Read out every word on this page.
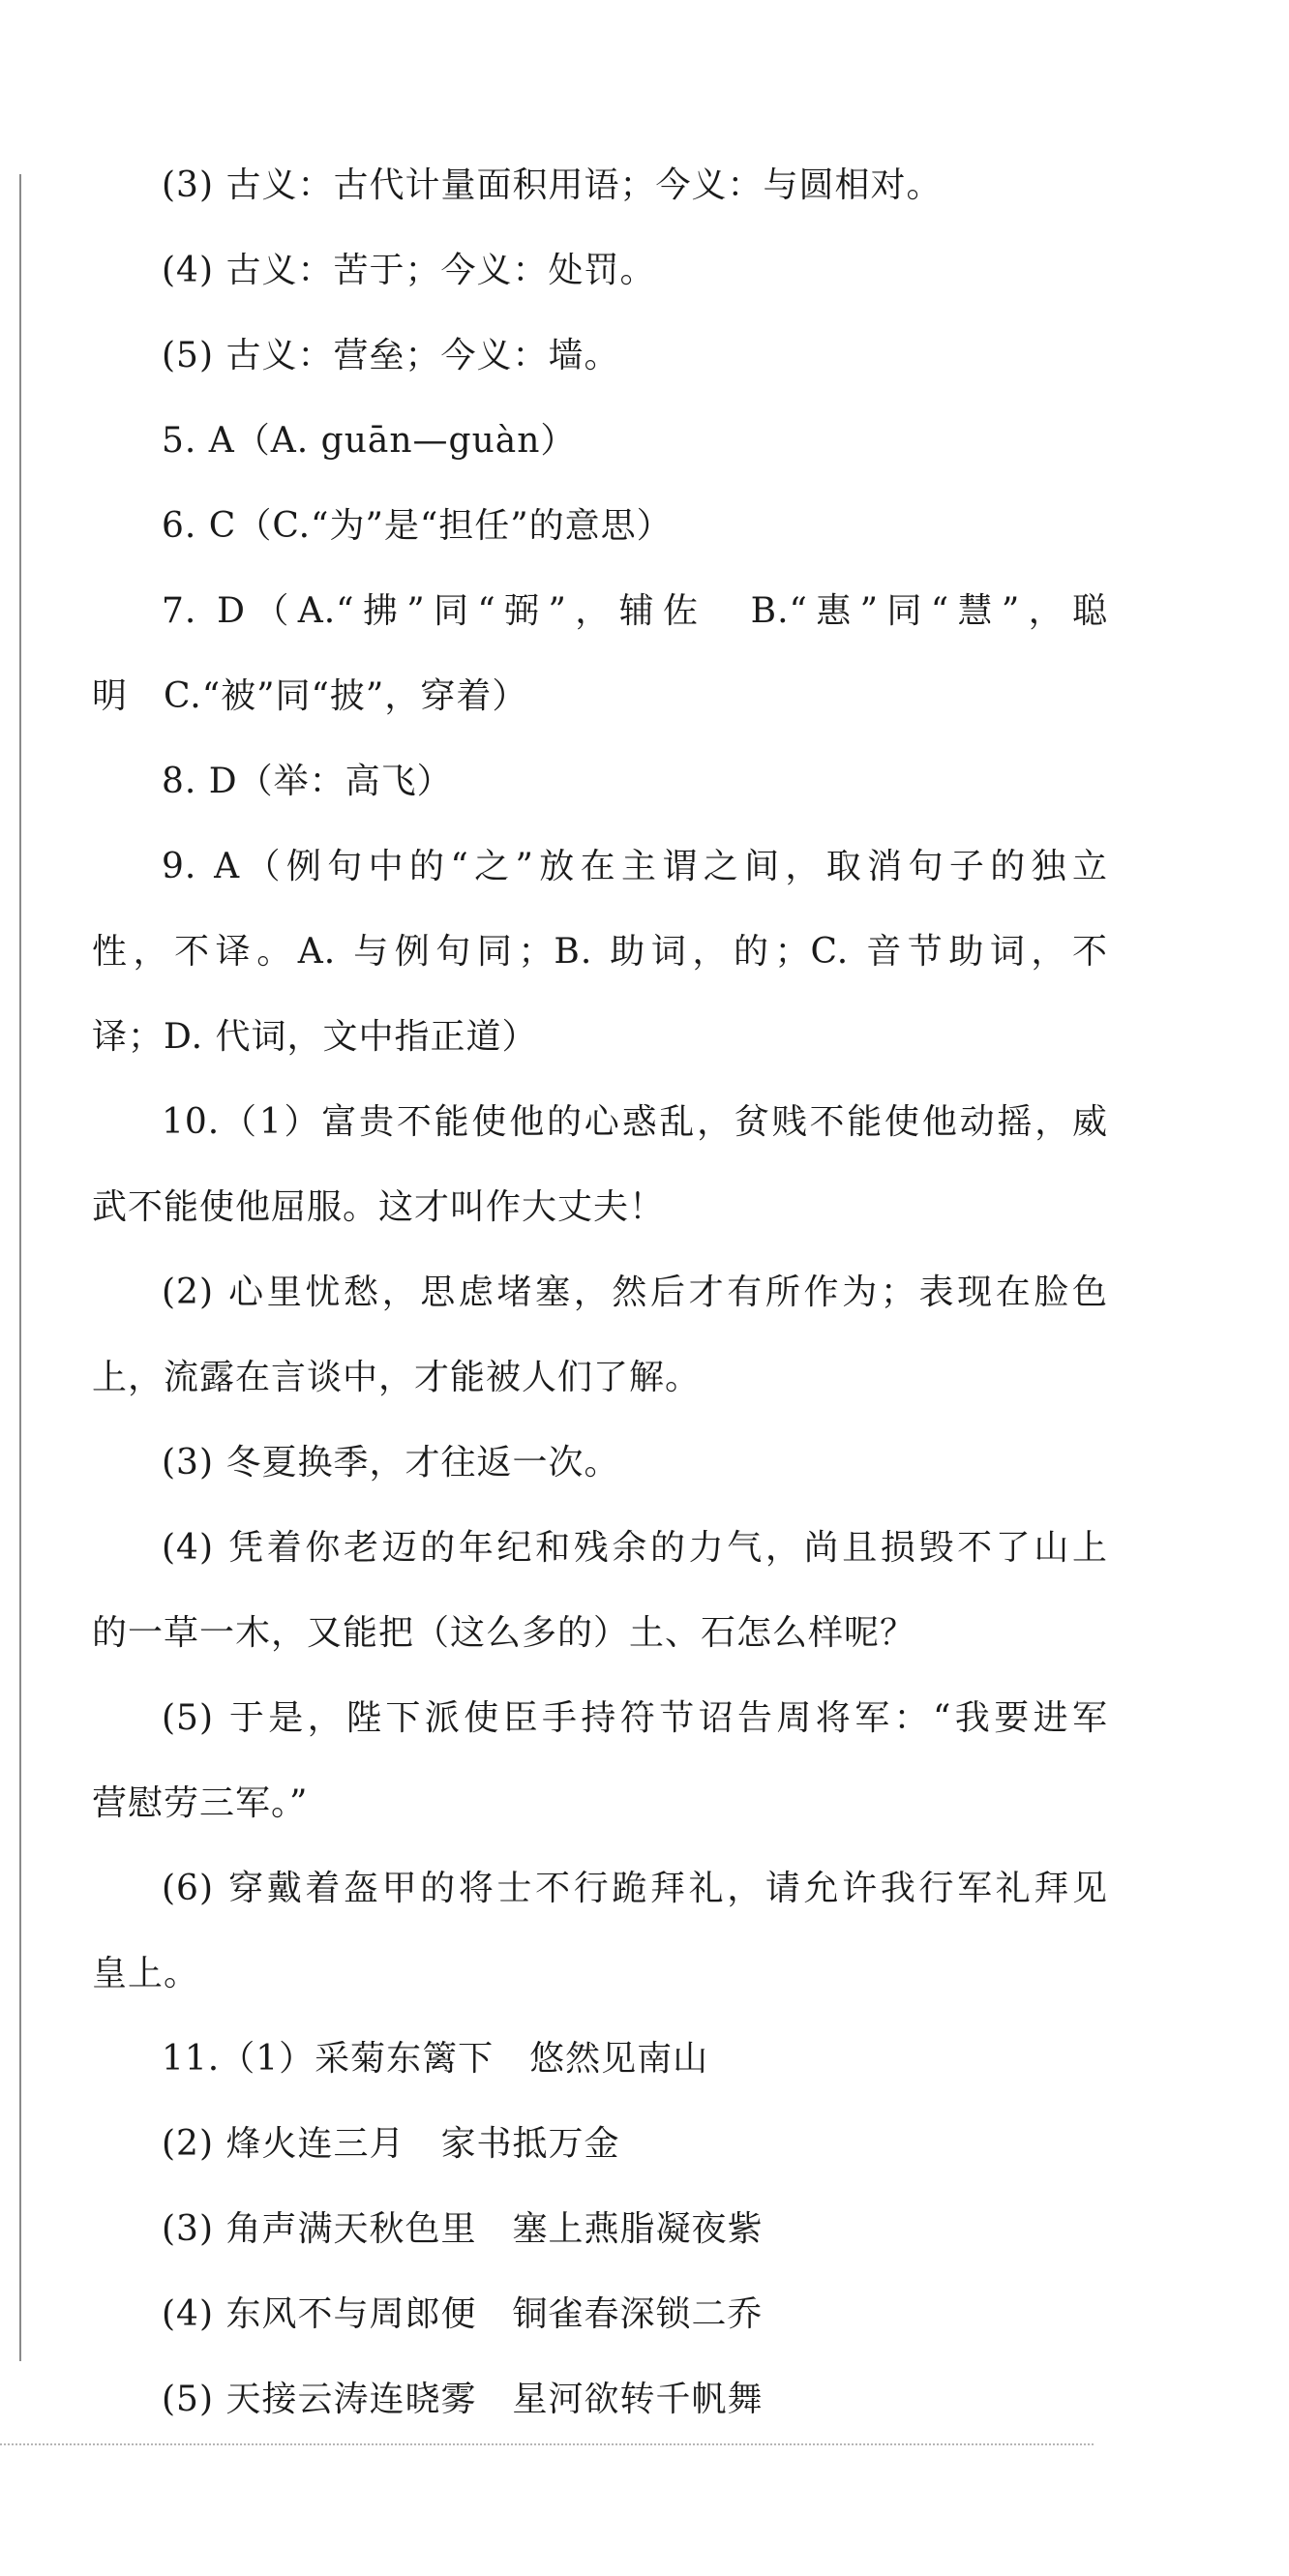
(3) 古义：古代计量面积用语；今义：与圆相对。
(4) 古义：苦于；今义：处罚。
(5) 古义：营垒；今义：墙。
5. A（A. guān—guàn）
6. C（C.“为”是“担任”的意思）
7. D（A.“拂”同“弼”，辅佐　B.“惠”同“慧”，聪
明　C.“被”同“披”，穿着）
8. D（举：高飞）
9. A（例句中的“之”放在主谓之间，取消句子的独立
性，不译。A. 与例句同；B. 助词，的；C. 音节助词，不
译；D. 代词，文中指正道）
10.（1）富贵不能使他的心惑乱，贫贱不能使他动摇，威
武不能使他屈服。这才叫作大丈夫！
(2) 心里忧愁，思虑堵塞，然后才有所作为；表现在脸色
上，流露在言谈中，才能被人们了解。
(3) 冬夏换季，才往返一次。
(4) 凭着你老迈的年纪和残余的力气，尚且损毁不了山上
的一草一木，又能把（这么多的）土、石怎么样呢？
(5) 于是，陛下派使臣手持符节诏告周将军：“我要进军
营慰劳三军。”
(6) 穿戴着盔甲的将士不行跪拜礼，请允许我行军礼拜见
皇上。
11.（1）采菊东篱下　悠然见南山
(2) 烽火连三月　家书抵万金
(3) 角声满天秋色里　塞上燕脂凝夜紫
(4) 东风不与周郎便　铜雀春深锁二乔
(5) 天接云涛连晓雾　星河欲转千帆舞
